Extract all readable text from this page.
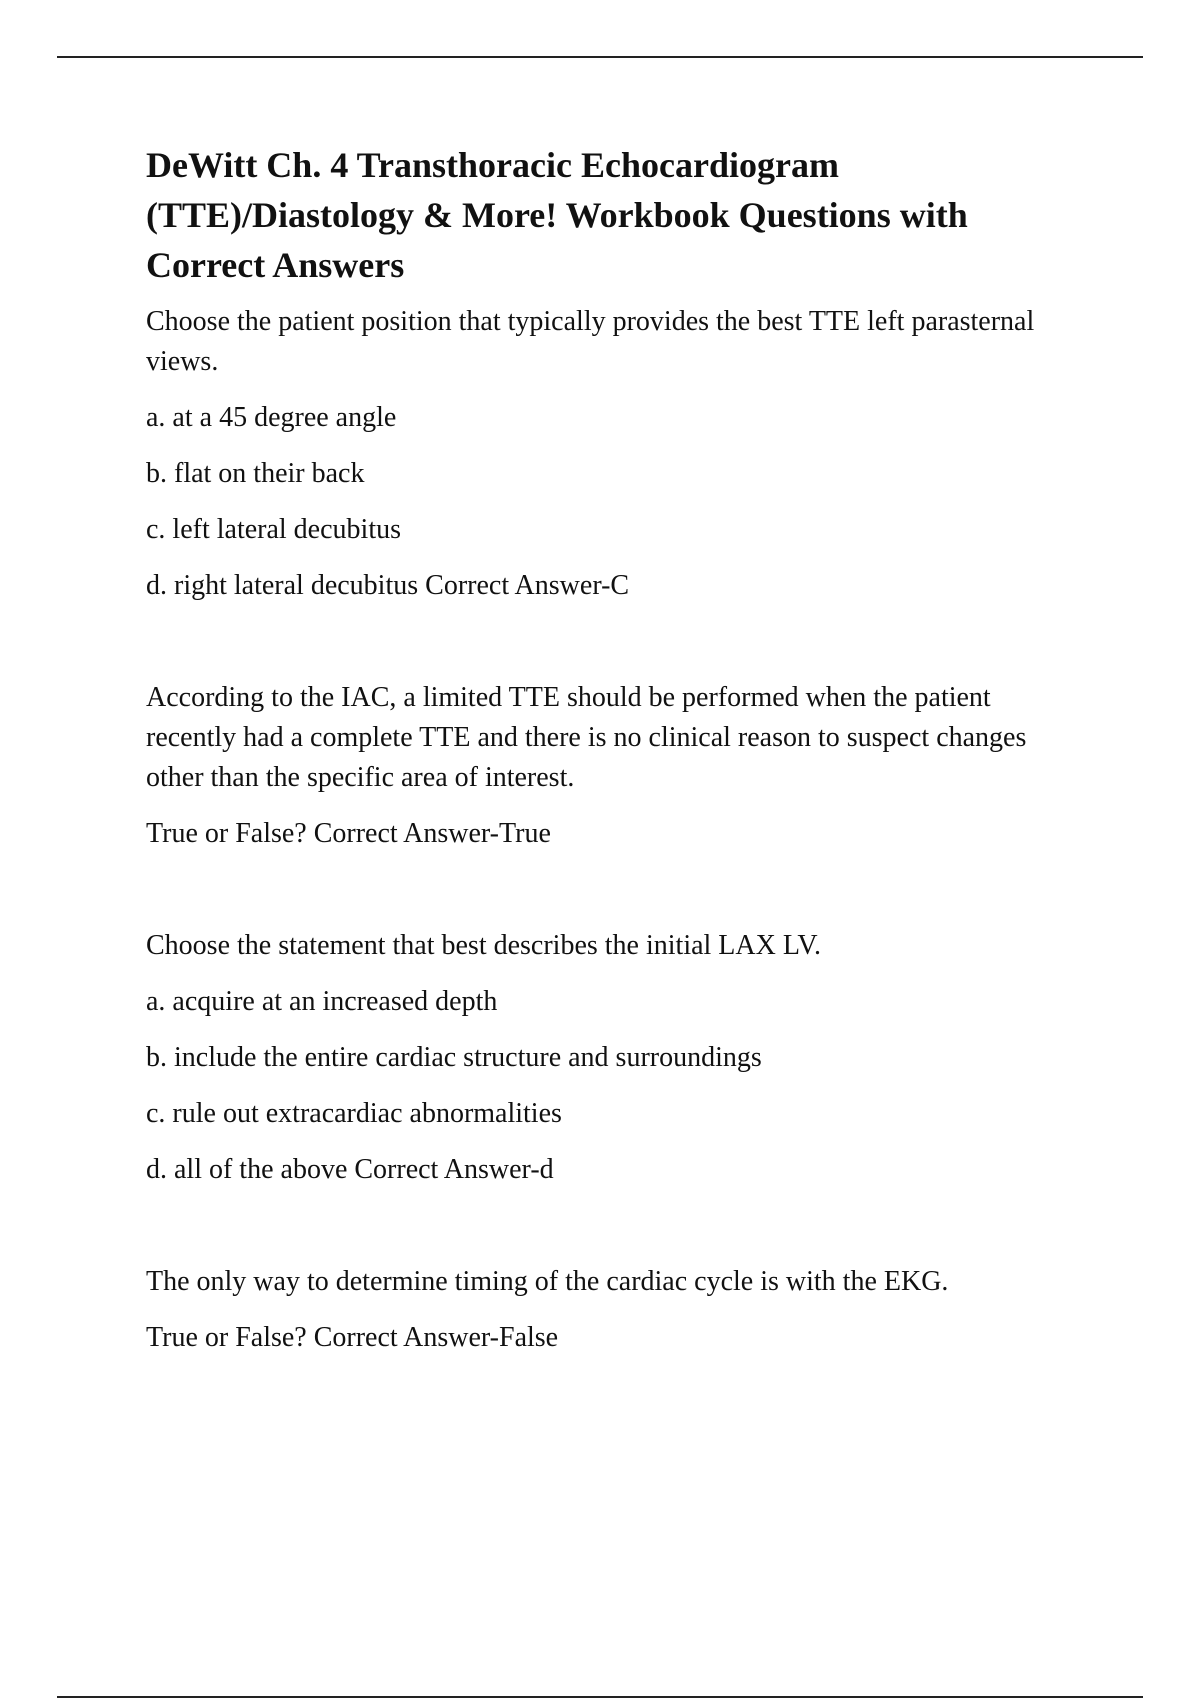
DeWitt Ch. 4 Transthoracic Echocardiogram (TTE)/Diastology & More! Workbook Questions with Correct Answers

Choose the patient position that typically provides the best TTE left parasternal views.

a. at a 45 degree angle

b. flat on their back

c. left lateral decubitus

d. right lateral decubitus Correct Answer-C

According to the IAC, a limited TTE should be performed when the patient recently had a complete TTE and there is no clinical reason to suspect changes other than the specific area of interest.

True or False? Correct Answer-True

Choose the statement that best describes the initial LAX LV.

a. acquire at an increased depth

b. include the entire cardiac structure and surroundings

c. rule out extracardiac abnormalities

d. all of the above Correct Answer-d

The only way to determine timing of the cardiac cycle is with the EKG.

True or False? Correct Answer-False
